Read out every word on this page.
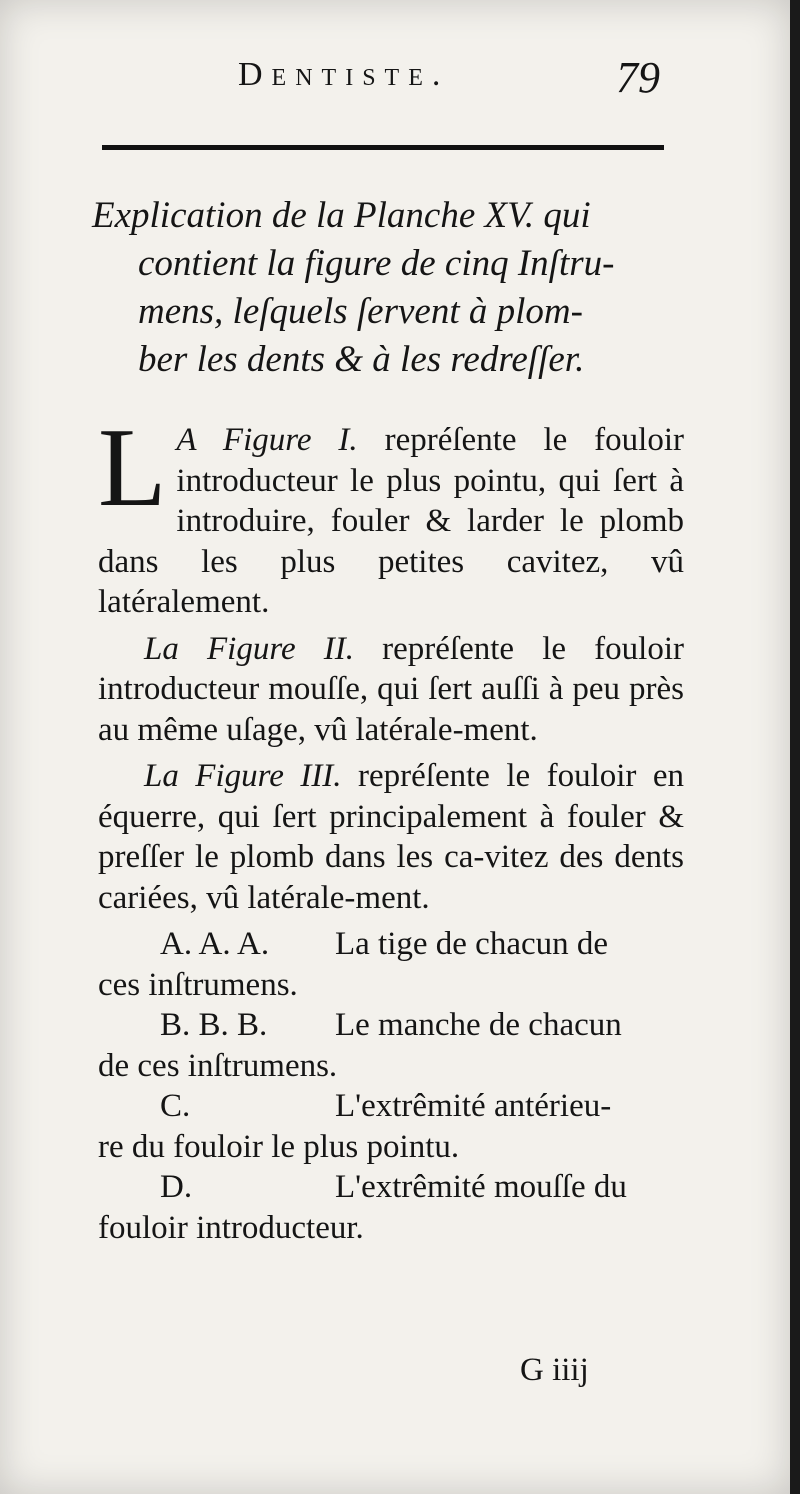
Dentiste.	79
Explication de la Planche XV. qui
contient la figure de cinq Inſtru-
mens, leſquels ſervent à plom-
ber les dents & à les redreſſer.

L A Figure I. repréſente le fouloir introducteur le plus pointu, qui ſert à introduire, fouler & larder le plomb dans les plus petites cavitez, vû latéralement.

La Figure II. repréſente le fouloir introducteur mouſſe, qui ſert auſſi à peu près au même uſage, vû latérale-ment.

La Figure III. repréſente le fouloir en équerre, qui ſert principalement à fouler & preſſer le plomb dans les ca-vitez des dents cariées, vû latérale-ment.

A. A. A.	La tige de chacun de
ces inſtrumens.
B. B. B.	Le manche de chacun
de ces inſtrumens.
C.	L'extrêmité antérieu-
re du fouloir le plus pointu.
D.	L'extrêmité mouſſe du
fouloir introducteur.
G iiij
